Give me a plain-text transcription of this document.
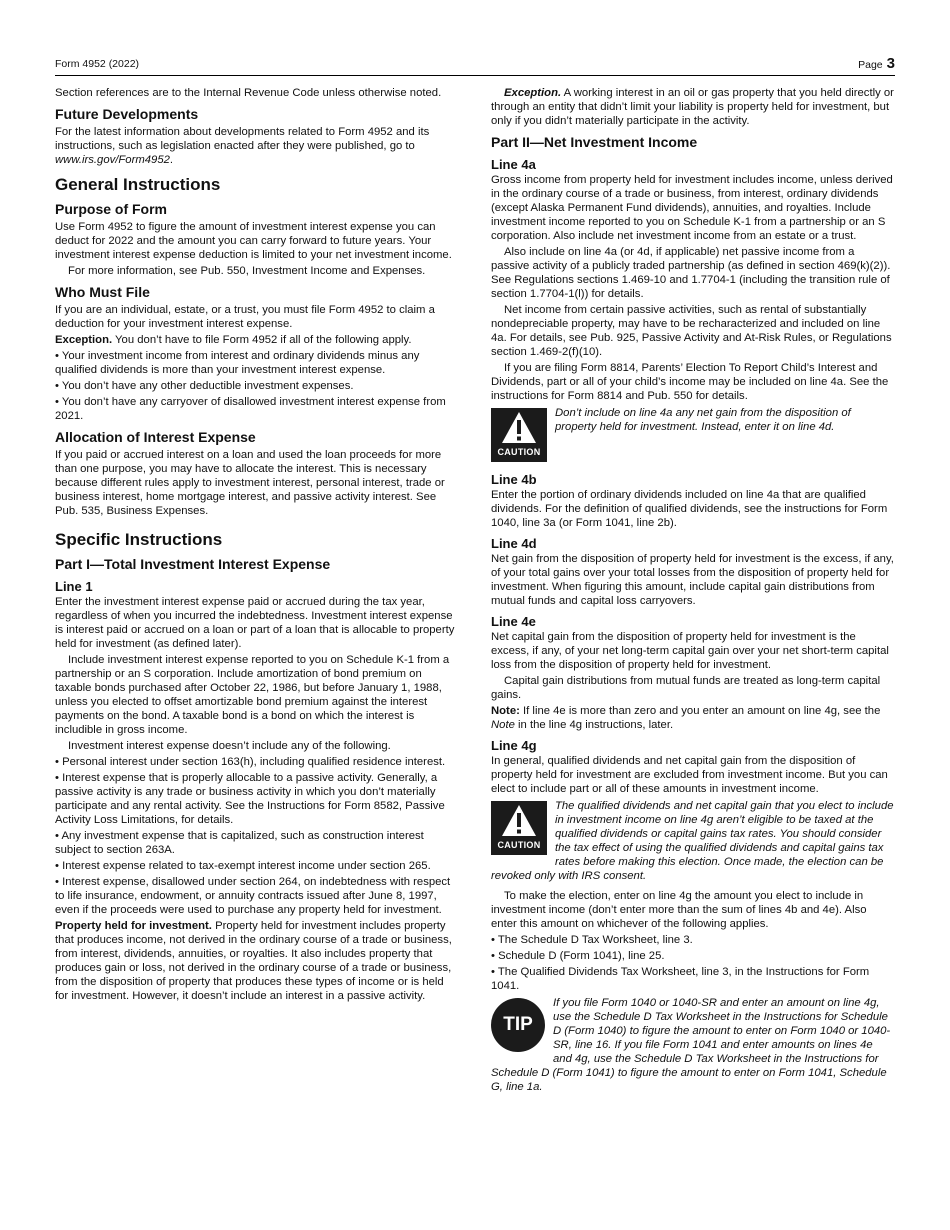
Form 4952 (2022)	Page 3

Section references are to the Internal Revenue Code unless otherwise noted.

Future Developments

For the latest information about developments related to Form 4952 and its instructions, such as legislation enacted after they were published, go to www.irs.gov/Form4952.

General Instructions
Purpose of Form

Use Form 4952 to figure the amount of investment interest expense you can deduct for 2022 and the amount you can carry forward to future years. Your investment interest expense deduction is limited to your net investment income.

For more information, see Pub. 550, Investment Income and Expenses.

Who Must File

If you are an individual, estate, or a trust, you must file Form 4952 to claim a deduction for your investment interest expense.

Exception. You don’t have to file Form 4952 if all of the following apply.

• Your investment income from interest and ordinary dividends minus any qualified dividends is more than your investment interest expense.

• You don’t have any other deductible investment expenses.

• You don’t have any carryover of disallowed investment interest expense from 2021.

Allocation of Interest Expense

If you paid or accrued interest on a loan and used the loan proceeds for more than one purpose, you may have to allocate the interest. This is necessary because different rules apply to investment interest, personal interest, trade or business interest, home mortgage interest, and passive activity interest. See Pub. 535, Business Expenses.

Specific Instructions
Part I—Total Investment Interest Expense
Line 1

Enter the investment interest expense paid or accrued during the tax year, regardless of when you incurred the indebtedness. Investment interest expense is interest paid or accrued on a loan or part of a loan that is allocable to property held for investment (as defined later).

Include investment interest expense reported to you on Schedule K-1 from a partnership or an S corporation. Include amortization of bond premium on taxable bonds purchased after October 22, 1986, but before January 1, 1988, unless you elected to offset amortizable bond premium against the interest payments on the bond. A taxable bond is a bond on which the interest is includible in gross income.

Investment interest expense doesn’t include any of the following.

• Personal interest under section 163(h), including qualified residence interest.

• Interest expense that is properly allocable to a passive activity. Generally, a passive activity is any trade or business activity in which you don’t materially participate and any rental activity. See the Instructions for Form 8582, Passive Activity Loss Limitations, for details.

• Any investment expense that is capitalized, such as construction interest subject to section 263A.

• Interest expense related to tax-exempt interest income under section 265.

• Interest expense, disallowed under section 264, on indebtedness with respect to life insurance, endowment, or annuity contracts issued after June 8, 1997, even if the proceeds were used to purchase any property held for investment.

Property held for investment. Property held for investment includes property that produces income, not derived in the ordinary course of a trade or business, from interest, dividends, annuities, or royalties. It also includes property that produces gain or loss, not derived in the ordinary course of a trade or business, from the disposition of property that produces these types of income or is held for investment. However, it doesn’t include an interest in a passive activity.

Exception. A working interest in an oil or gas property that you held directly or through an entity that didn’t limit your liability is property held for investment, but only if you didn’t materially participate in the activity.

Part II—Net Investment Income
Line 4a

Gross income from property held for investment includes income, unless derived in the ordinary course of a trade or business, from interest, ordinary dividends (except Alaska Permanent Fund dividends), annuities, and royalties. Include investment income reported to you on Schedule K-1 from a partnership or an S corporation. Also include net investment income from an estate or a trust.

Also include on line 4a (or 4d, if applicable) net passive income from a passive activity of a publicly traded partnership (as defined in section 469(k)(2)). See Regulations sections 1.469-10 and 1.7704-1 (including the transition rule of section 1.7704-1(l)) for details.

Net income from certain passive activities, such as rental of substantially nondepreciable property, may have to be recharacterized and included on line 4a. For details, see Pub. 925, Passive Activity and At-Risk Rules, or Regulations section 1.469-2(f)(10).

If you are filing Form 8814, Parents’ Election To Report Child’s Interest and Dividends, part or all of your child’s income may be included on line 4a. See the instructions for Form 8814 and Pub. 550 for details.

CAUTION
Don’t include on line 4a any net gain from the disposition of property held for investment. Instead, enter it on line 4d.
Line 4b

Enter the portion of ordinary dividends included on line 4a that are qualified dividends. For the definition of qualified dividends, see the instructions for Form 1040, line 3a (or Form 1041, line 2b).

Line 4d

Net gain from the disposition of property held for investment is the excess, if any, of your total gains over your total losses from the disposition of property held for investment. When figuring this amount, include capital gain distributions from mutual funds and capital loss carryovers.

Line 4e

Net capital gain from the disposition of property held for investment is the excess, if any, of your net long-term capital gain over your net short-term capital loss from the disposition of property held for investment.

Capital gain distributions from mutual funds are treated as long-term capital gains.

Note: If line 4e is more than zero and you enter an amount on line 4g, see the Note in the line 4g instructions, later.

Line 4g

In general, qualified dividends and net capital gain from the disposition of property held for investment are excluded from investment income. But you can elect to include part or all of these amounts in investment income.

CAUTION
The qualified dividends and net capital gain that you elect to include in investment income on line 4g aren’t eligible to be taxed at the qualified dividends or capital gains tax rates. You should consider the tax effect of using the qualified dividends and capital gains tax rates before making this election. Once made, the election can be revoked only with IRS consent.

To make the election, enter on line 4g the amount you elect to include in investment income (don’t enter more than the sum of lines 4b and 4e). Also enter this amount on whichever of the following applies.

• The Schedule D Tax Worksheet, line 3.

• Schedule D (Form 1041), line 25.

• The Qualified Dividends Tax Worksheet, line 3, in the Instructions for Form 1041.

TIP
If you file Form 1040 or 1040-SR and enter an amount on line 4g, use the Schedule D Tax Worksheet in the Instructions for Schedule D (Form 1040) to figure the amount to enter on Form 1040 or 1040-SR, line 16. If you file Form 1041 and enter amounts on lines 4e and 4g, use the Schedule D Tax Worksheet in the Instructions for Schedule D (Form 1041) to figure the amount to enter on Form 1041, Schedule G, line 1a.
